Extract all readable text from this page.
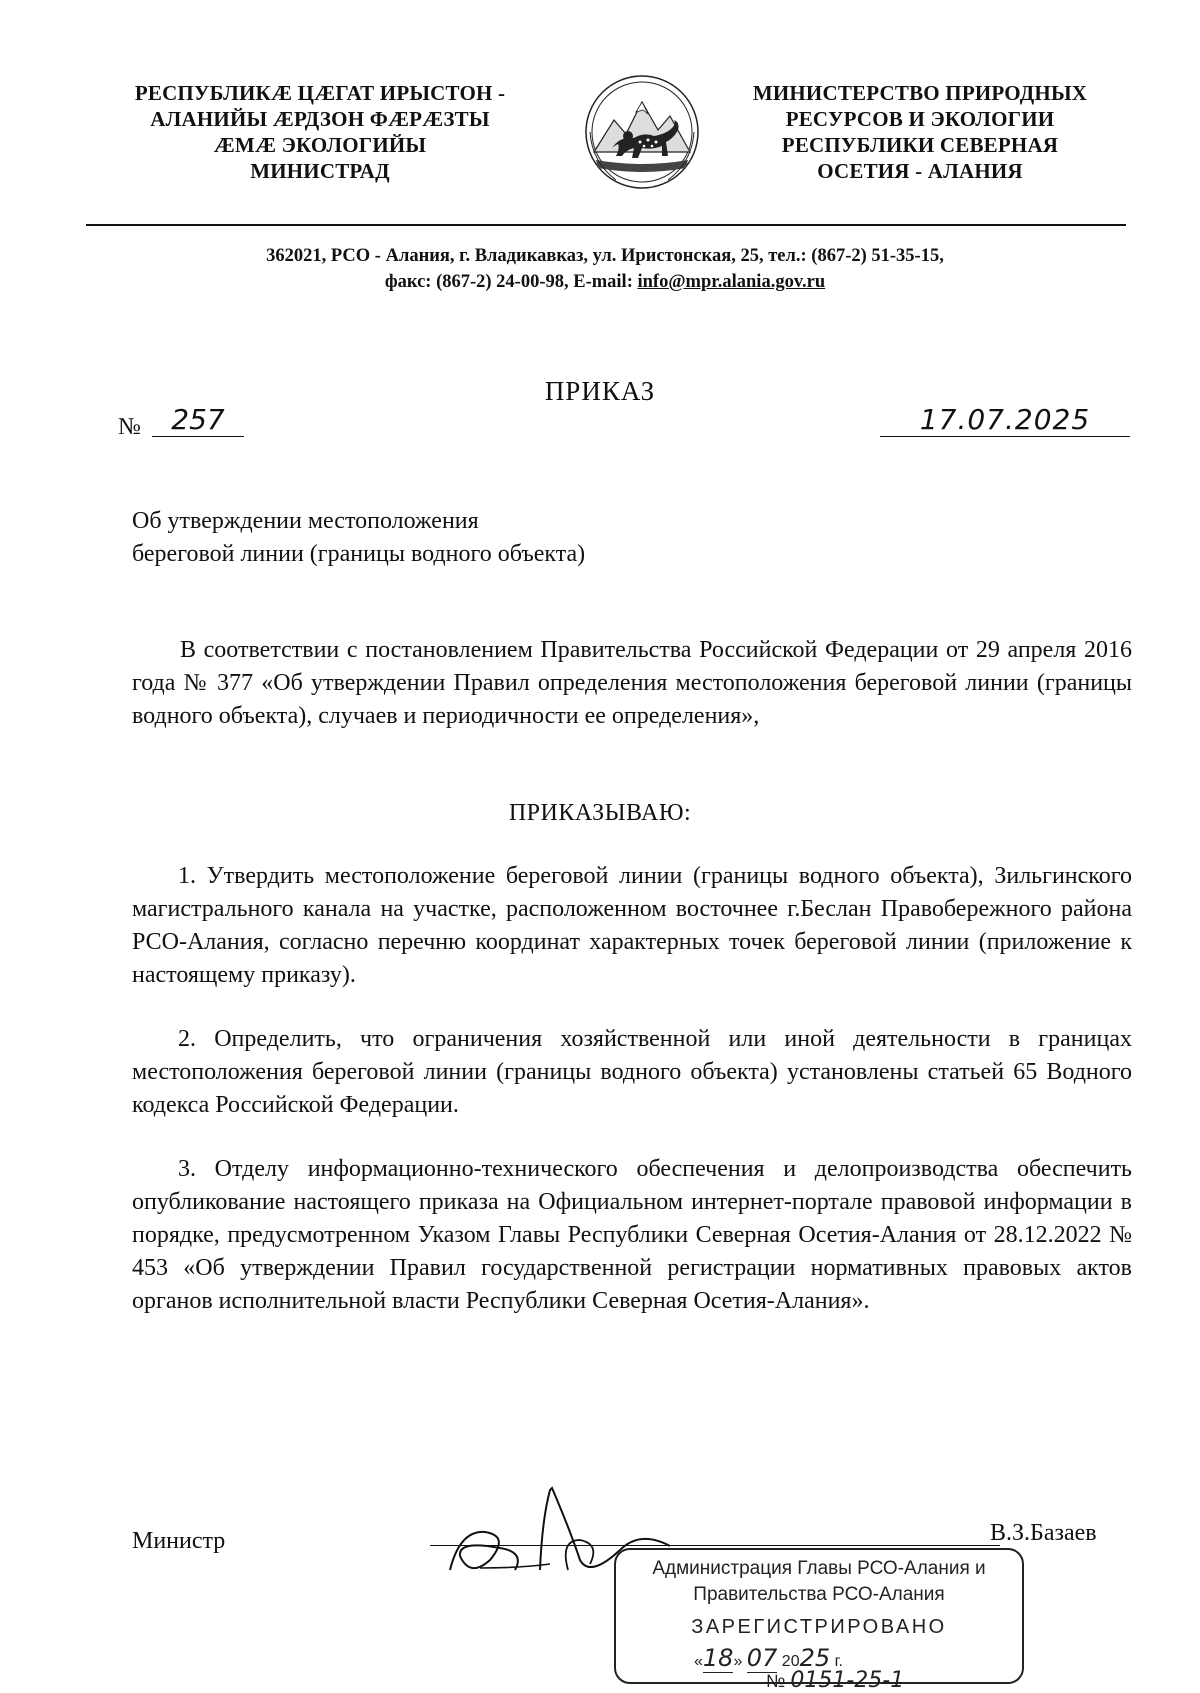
РЕСПУБЛИКÆ ЦÆГАТ ИРЫСТОН -
АЛАНИЙЫ ÆРДЗОН ФÆРÆЗТЫ
ÆМÆ ЭКОЛОГИЙЫ
МИНИСТРАД
МИНИСТЕРСТВО ПРИРОДНЫХ
РЕСУРСОВ И ЭКОЛОГИИ
РЕСПУБЛИКИ СЕВЕРНАЯ
ОСЕТИЯ - АЛАНИЯ
362021, РСО - Алания, г. Владикавказ, ул. Иристонская, 25, тел.: (867-2) 51-35-15,
факс: (867-2) 24-00-98, E-mail: info@mpr.alania.gov.ru
ПРИКАЗ
№	257	17.07.2025
Об утверждении местоположения
береговой линии (границы водного объекта)
В соответствии с постановлением Правительства Российской Федерации от 29 апреля 2016 года № 377 «Об утверждении Правил определения местоположения береговой линии (границы водного объекта), случаев и периодичности ее определения»,
ПРИКАЗЫВАЮ:
1. Утвердить местоположение береговой линии (границы водного объекта), Зильгинского магистрального канала на участке, расположенном восточнее г.Беслан Правобережного района РСО-Алания, согласно перечню координат характерных точек береговой линии (приложение к настоящему приказу).
2. Определить, что ограничения хозяйственной или иной деятельности в границах местоположения береговой линии (границы водного объекта) установлены статьей 65 Водного кодекса Российской Федерации.
3. Отделу информационно-технического обеспечения и делопроизводства обеспечить опубликование настоящего приказа на Официальном интернет-портале правовой информации в порядке, предусмотренном Указом Главы Республики Северная Осетия-Алания от 28.12.2022 № 453 «Об утверждении Правил государственной регистрации нормативных правовых актов органов исполнительной власти Республики Северная Осетия-Алания».
Министр	В.З.Базаев
Администрация Главы РСО-Алания и
Правительства РСО-Алания
ЗАРЕГИСТРИРОВАНО
«18» 07 2025 г.
№ 0151-25-1
